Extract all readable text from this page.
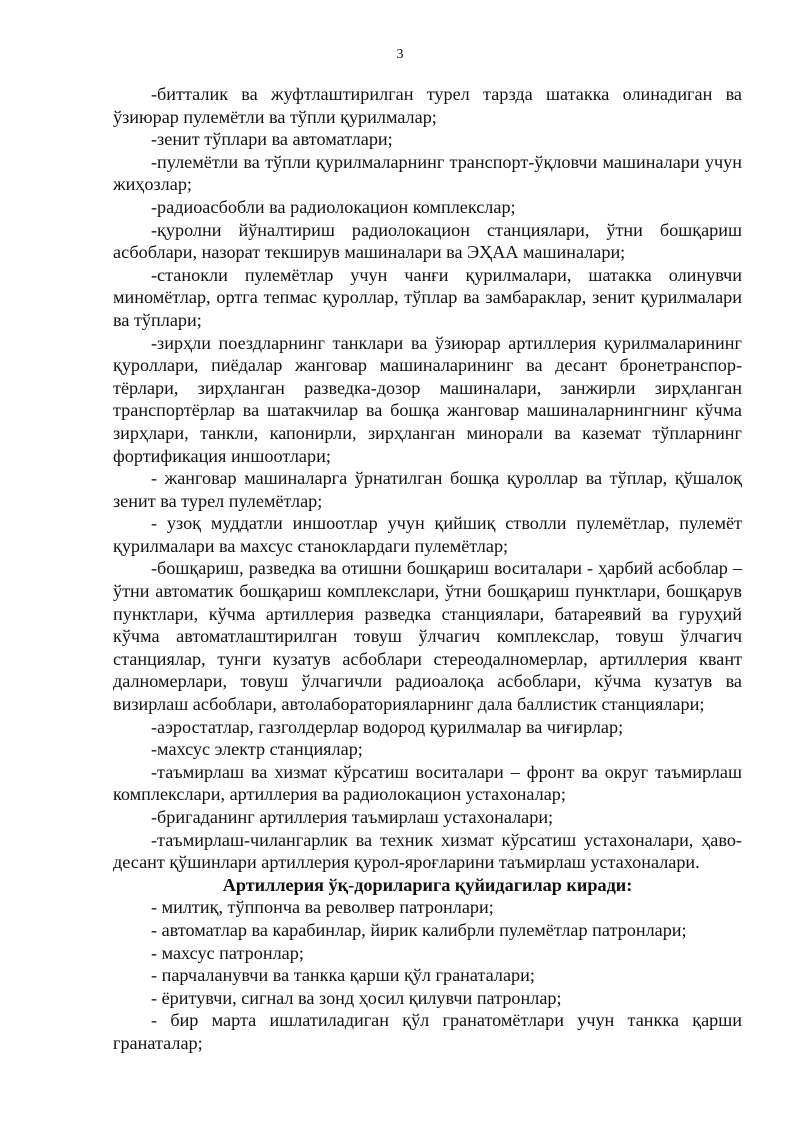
3

-битталик ва жуфтлаштирилган турел тарзда шатакка олинадиган ва ўзиюрар пулемётли ва тўпли қурилмалар;

-зенит тўплари ва автоматлари;

-пулемётли ва тўпли қурилмаларнинг транспорт-ўқловчи машиналари учун жиҳозлар;

-радиоасбобли ва радиолокацион комплекслар;

-қуролни йўналтириш радиолокацион станциялари, ўтни бошқариш асбоблари, назорат текширув машиналари ва ЭҲАА машиналари;

-станокли пулемётлар учун чанғи қурилмалари, шатакка олинувчи миномётлар, ортга тепмас қуроллар, тўплар ва замбараклар, зенит қурилмалари ва тўплари;

-зирҳли поездларнинг танклари ва ўзиюрар артиллерия қурилмаларининг қуроллари, пиёдалар жанговар машиналарининг ва десант бронетранспор-тёрлари, зирҳланган разведка-дозор машиналари, занжирли зирҳланган транспортёрлар ва шатакчилар ва бошқа жанговар машиналарнингнинг кўчма зирҳлари, танкли, капонирли, зирҳланган минорали ва каземат тўпларнинг фортификация иншоотлари;

- жанговар машиналарга ўрнатилган бошқа қуроллар ва тўплар, қўшалоқ зенит ва турел пулемётлар;

- узоқ муддатли иншоотлар учун қийшиқ стволли пулемётлар, пулемёт қурилмалари ва махсус станоклардаги пулемётлар;

-бошқариш, разведка ва отишни бошқариш воситалари - ҳарбий асбоблар – ўтни автоматик бошқариш комплекслари, ўтни бошқариш пунктлари, бошқарув пунктлари, кўчма артиллерия разведка станциялари, батареявий ва гуруҳий кўчма автоматлаштирилган товуш ўлчагич комплекслар, товуш ўлчагич станциялар, тунги кузатув асбоблари стереодалномерлар, артиллерия квант далномерлари, товуш ўлчагичли радиоалоқа асбоблари, кўчма кузатув ва визирлаш асбоблари, автолабораторияларнинг дала баллистик станциялари;

-аэростатлар, газголдерлар водород қурилмалар ва чиғирлар;

-махсус электр станциялар;

-таъмирлаш ва хизмат кўрсатиш воситалари – фронт ва округ таъмирлаш комплекслари, артиллерия ва радиолокацион устахоналар;

-бригаданинг артиллерия таъмирлаш устахоналари;

-таъмирлаш-чилангарлик ва техник хизмат кўрсатиш устахоналари, ҳаво-десант қўшинлари артиллерия қурол-ярoғларини таъмирлаш устахоналари.

Артиллерия ўқ-дориларига қуйидагилар киради:

- милтиқ, тўппонча ва револвер патронлари;

- автоматлар ва карабинлар, йирик калибрли пулемётлар патронлари;

- махсус патронлар;

- парчаланувчи ва танкка қарши қўл гранаталари;

- ёритувчи, сигнал ва зонд ҳосил қилувчи патронлар;

- бир марта ишлатиладиган қўл гранатомётлари учун танкка қарши гранаталар;
